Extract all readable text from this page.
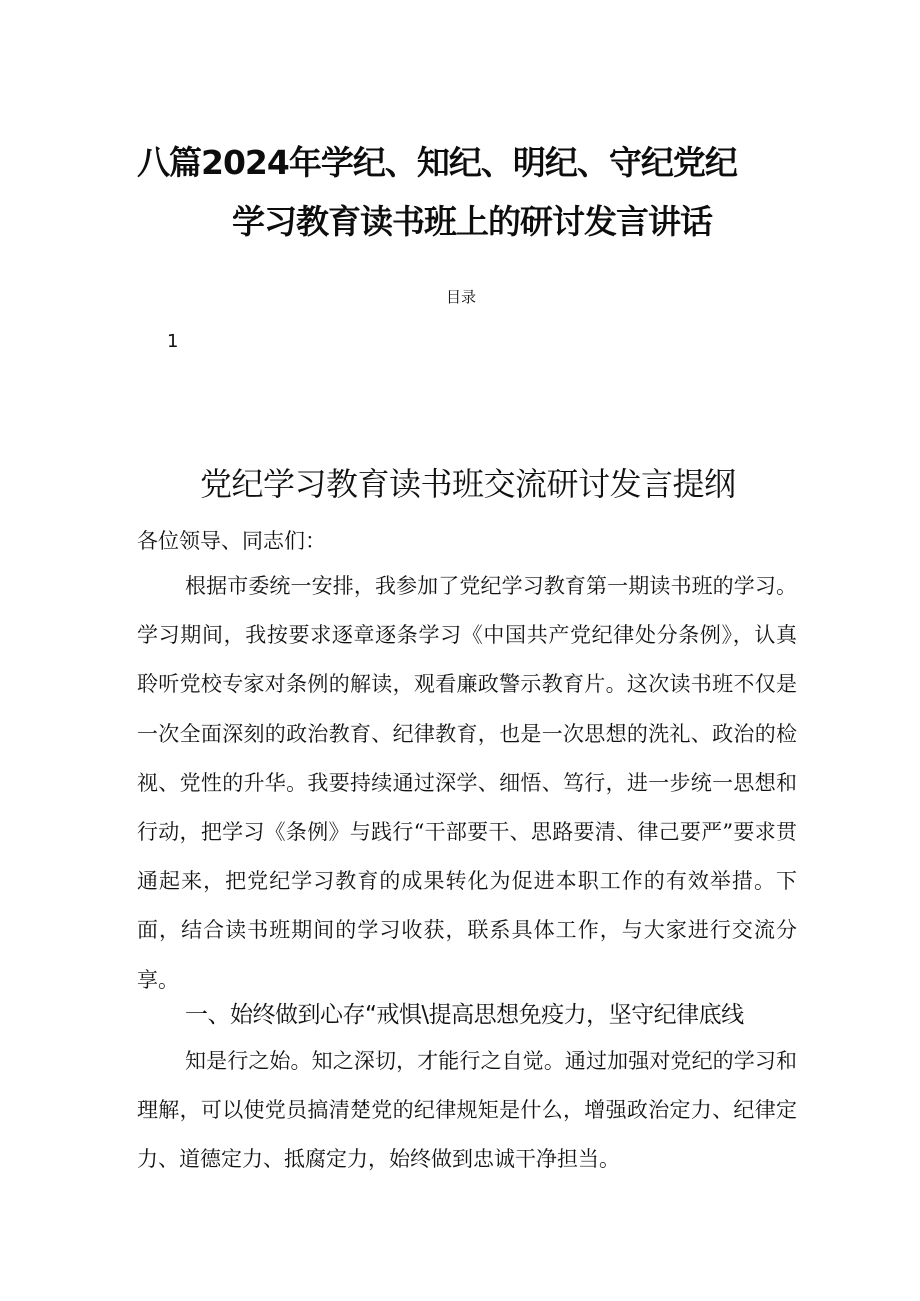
八篇2024年学纪、知纪、明纪、守纪党纪
学习教育读书班上的研讨发言讲话
目录
1
党纪学习教育读书班交流研讨发言提纲

各位领导、同志们：

根据市委统一安排，我参加了党纪学习教育第一期读书班的学习。学习期间，我按要求逐章逐条学习《中国共产党纪律处分条例》，认真聆听党校专家对条例的解读，观看廉政警示教育片。这次读书班不仅是一次全面深刻的政治教育、纪律教育，也是一次思想的洗礼、政治的检视、党性的升华。我要持续通过深学、细悟、笃行，进一步统一思想和行动，把学习《条例》与践行“干部要干、思路要清、律己要严”要求贯通起来，把党纪学习教育的成果转化为促进本职工作的有效举措。下面，结合读书班期间的学习收获，联系具体工作，与大家进行交流分享。

一、始终做到心存“戒惧\提高思想免疫力，坚守纪律底线

知是行之始。知之深切，才能行之自觉。通过加强对党纪的学习和理解，可以使党员搞清楚党的纪律规矩是什么，增强政治定力、纪律定力、道德定力、抵腐定力，始终做到忠诚干净担当。
